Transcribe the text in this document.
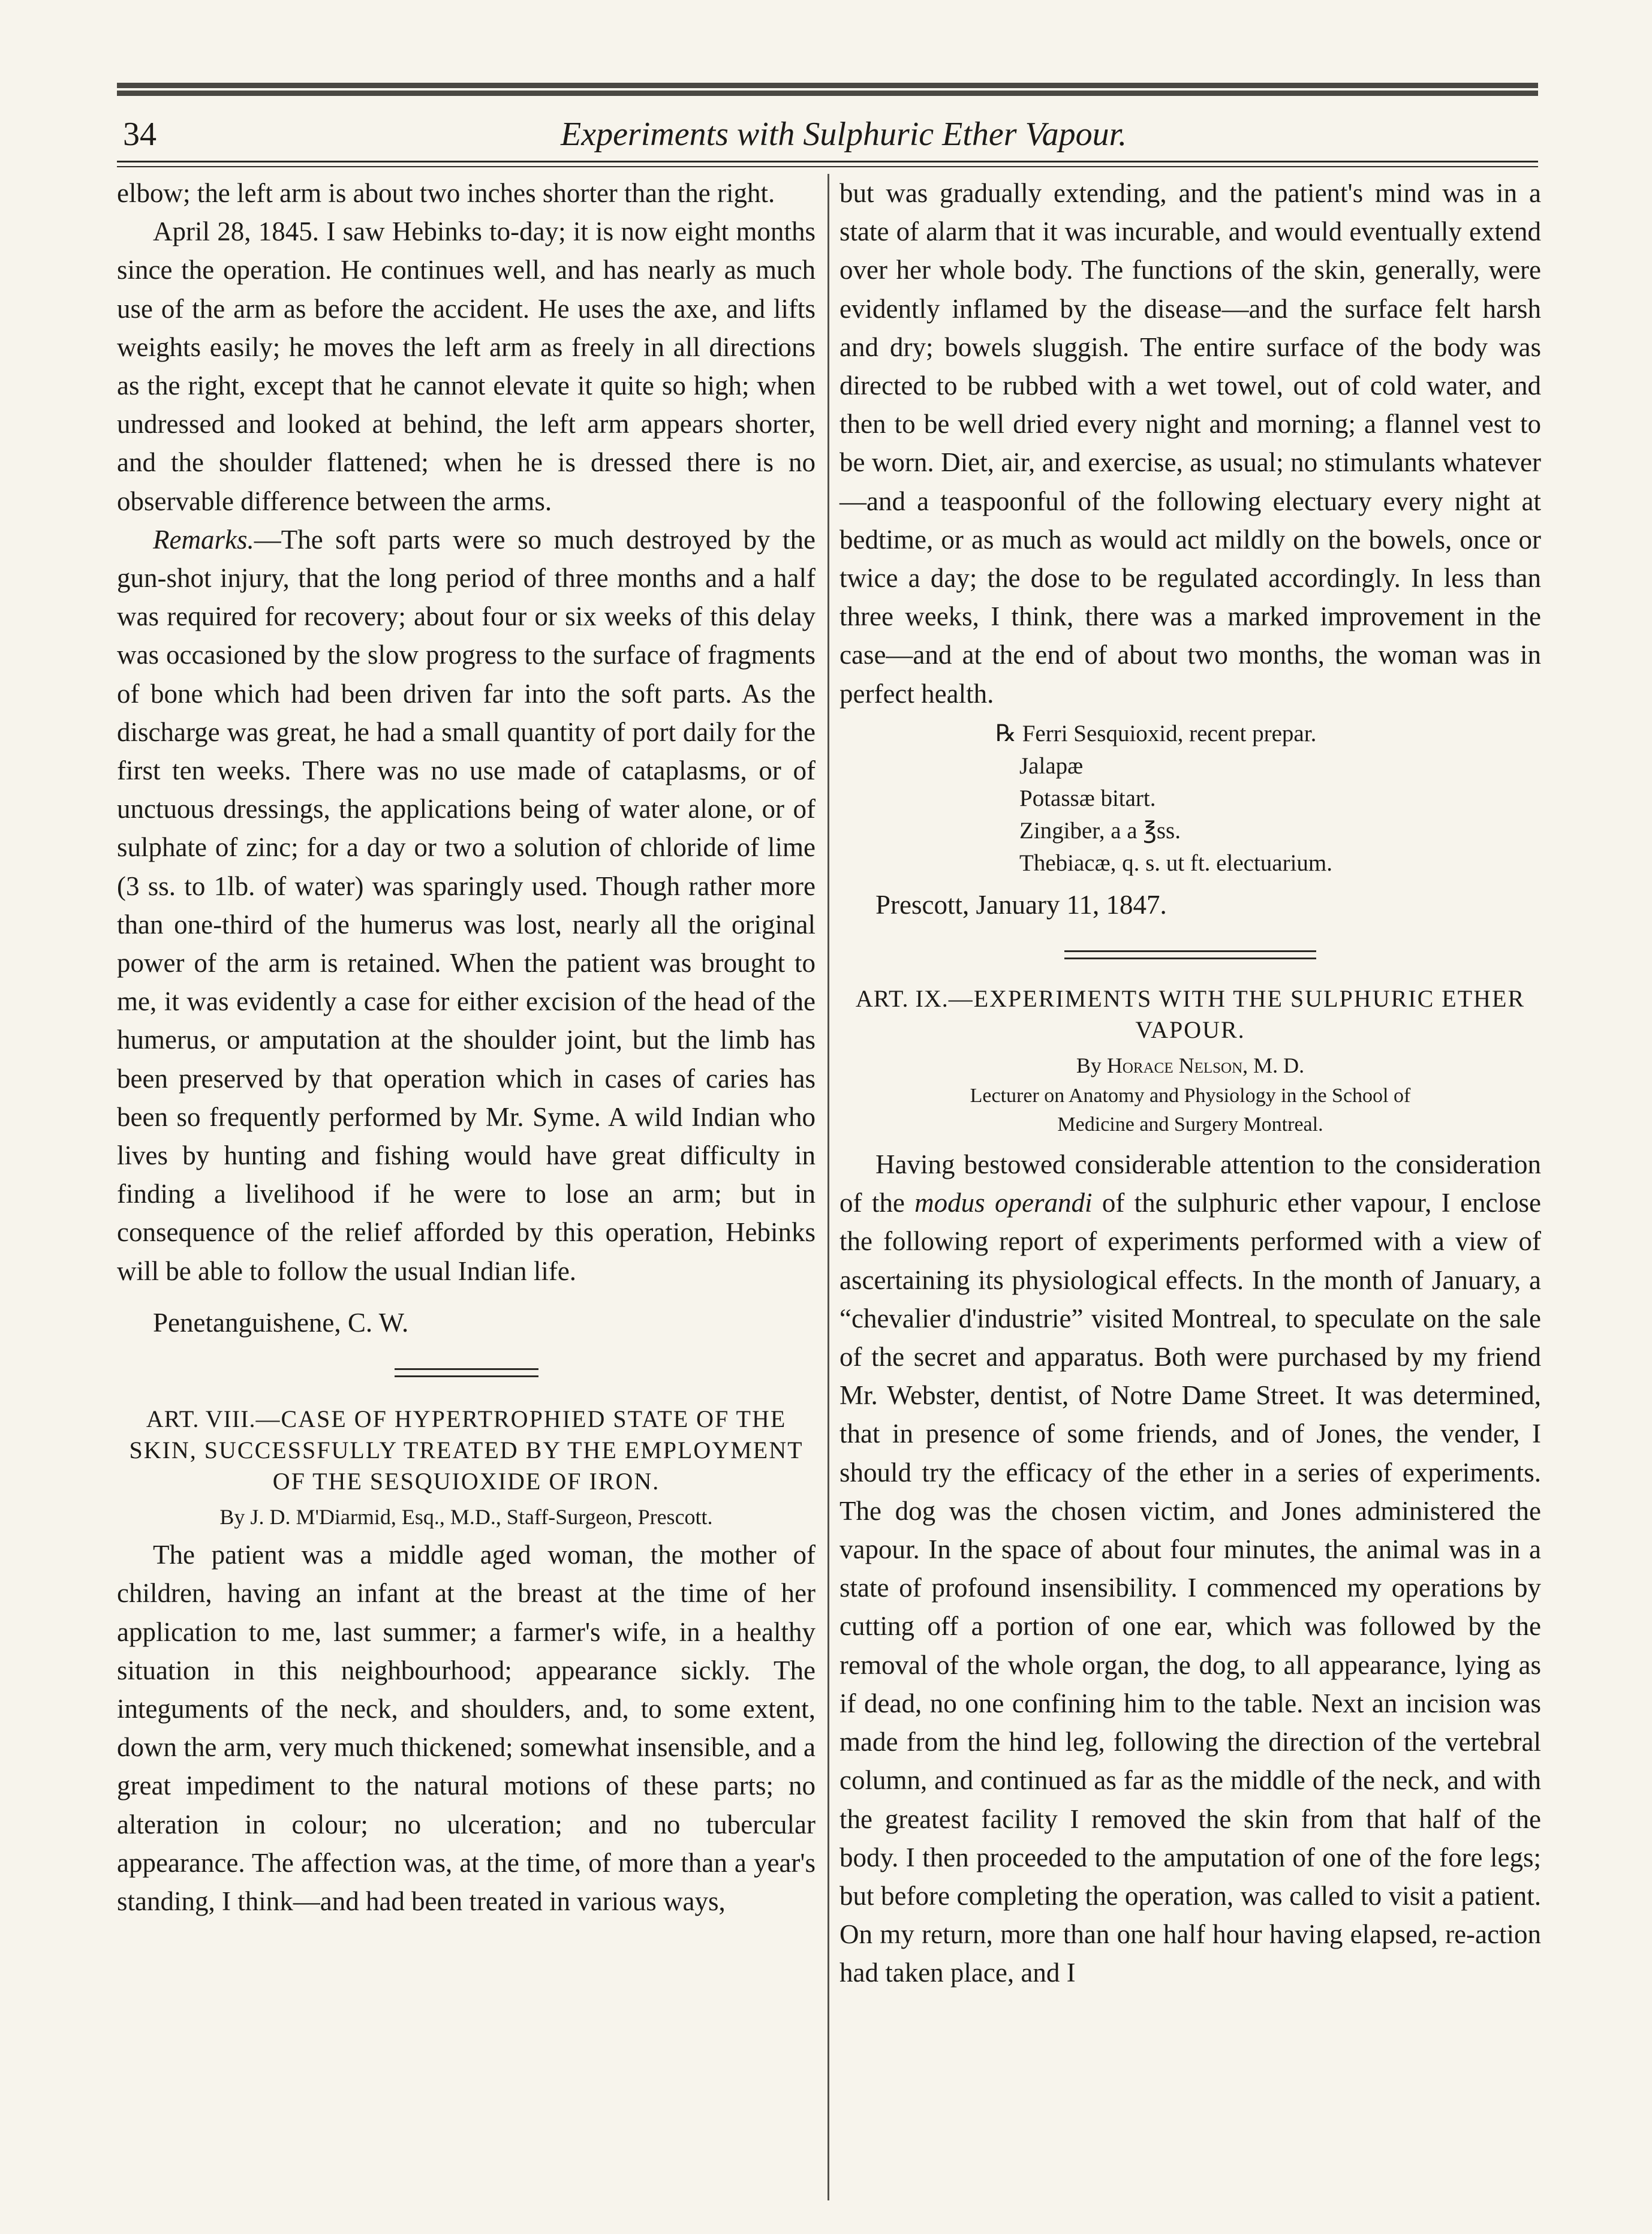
34	Experiments with Sulphuric Ether Vapour.

elbow; the left arm is about two inches shorter than the right.

April 28, 1845. I saw Hebinks to-day; it is now eight months since the operation. He continues well, and has nearly as much use of the arm as before the accident. He uses the axe, and lifts weights easily; he moves the left arm as freely in all directions as the right, except that he cannot elevate it quite so high; when undressed and looked at behind, the left arm appears shorter, and the shoulder flattened; when he is dressed there is no observable difference between the arms.

Remarks.—The soft parts were so much destroyed by the gun-shot injury, that the long period of three months and a half was required for recovery; about four or six weeks of this delay was occasioned by the slow progress to the surface of fragments of bone which had been driven far into the soft parts. As the discharge was great, he had a small quantity of port daily for the first ten weeks. There was no use made of cataplasms, or of unctuous dressings, the applications being of water alone, or of sulphate of zinc; for a day or two a solution of chloride of lime (3 ss. to 1lb. of water) was sparingly used. Though rather more than one-third of the humerus was lost, nearly all the original power of the arm is retained. When the patient was brought to me, it was evidently a case for either excision of the head of the humerus, or amputation at the shoulder joint, but the limb has been preserved by that operation which in cases of caries has been so frequently performed by Mr. Syme. A wild Indian who lives by hunting and fishing would have great difficulty in finding a livelihood if he were to lose an arm; but in consequence of the relief afforded by this operation, Hebinks will be able to follow the usual Indian life.

Penetanguishene, C. W.

ART. VIII.—CASE OF HYPERTROPHIED STATE OF THE SKIN, SUCCESSFULLY TREATED BY THE EMPLOYMENT OF THE SESQUIOXIDE OF IRON.

By J. D. M'Diarmid, Esq., M.D., Staff-Surgeon, Prescott.

The patient was a middle aged woman, the mother of children, having an infant at the breast at the time of her application to me, last summer; a farmer's wife, in a healthy situation in this neighbourhood; appearance sickly. The integuments of the neck, and shoulders, and, to some extent, down the arm, very much thickened; somewhat insensible, and a great impediment to the natural motions of these parts; no alteration in colour; no ulceration; and no tubercular appearance. The affection was, at the time, of more than a year's standing, I think—and had been treated in various ways,

but was gradually extending, and the patient's mind was in a state of alarm that it was incurable, and would eventually extend over her whole body. The functions of the skin, generally, were evidently inflamed by the disease—and the surface felt harsh and dry; bowels sluggish. The entire surface of the body was directed to be rubbed with a wet towel, out of cold water, and then to be well dried every night and morning; a flannel vest to be worn. Diet, air, and exercise, as usual; no stimulants whatever—and a teaspoonful of the following electuary every night at bedtime, or as much as would act mildly on the bowels, once or twice a day; the dose to be regulated accordingly. In less than three weeks, I think, there was a marked improvement in the case—and at the end of about two months, the woman was in perfect health.

℞ Ferri Sesquioxid, recent prepar.
Jalapæ
Potassæ bitart.
Zingiber, a a ℥ss.
Thebiacæ, q. s. ut ft. electuarium.

Prescott, January 11, 1847.

ART. IX.—EXPERIMENTS WITH THE SULPHURIC ETHER VAPOUR.

By Horace Nelson, M. D.

Lecturer on Anatomy and Physiology in the School of

Medicine and Surgery Montreal.

Having bestowed considerable attention to the consideration of the modus operandi of the sulphuric ether vapour, I enclose the following report of experiments performed with a view of ascertaining its physiological effects. In the month of January, a “chevalier d'industrie” visited Montreal, to speculate on the sale of the secret and apparatus. Both were purchased by my friend Mr. Webster, dentist, of Notre Dame Street. It was determined, that in presence of some friends, and of Jones, the vender, I should try the efficacy of the ether in a series of experiments. The dog was the chosen victim, and Jones administered the vapour. In the space of about four minutes, the animal was in a state of profound insensibility. I commenced my operations by cutting off a portion of one ear, which was followed by the removal of the whole organ, the dog, to all appearance, lying as if dead, no one confining him to the table. Next an incision was made from the hind leg, following the direction of the vertebral column, and continued as far as the middle of the neck, and with the greatest facility I removed the skin from that half of the body. I then proceeded to the amputation of one of the fore legs; but before completing the operation, was called to visit a patient. On my return, more than one half hour having elapsed, re-action had taken place, and I
